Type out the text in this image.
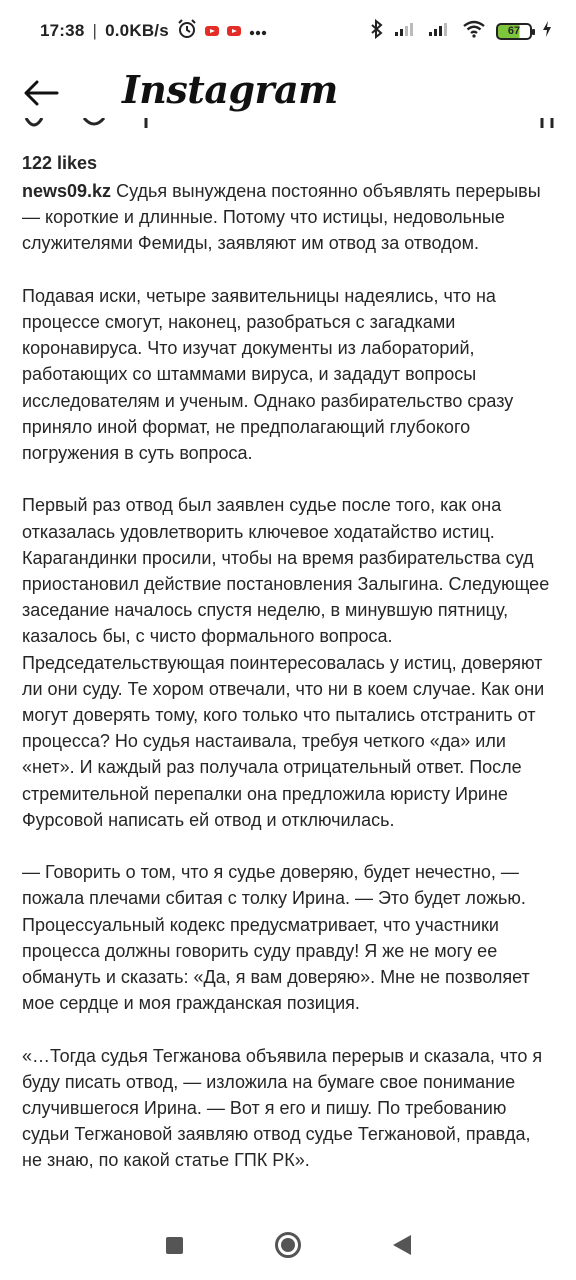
17:38 | 0.0KB/s	67
Instagram
122 likes

news09.kz Судья вынуждена постоянно объявлять перерывы — короткие и длинные. Потому что истицы, недовольные служителями Фемиды, заявляют им отвод за отводом.

Подавая иски, четыре заявительницы надеялись, что на процессе смогут, наконец, разобраться с загадками коронавируса. Что изучат документы из лабораторий, работающих со штаммами вируса, и зададут вопросы исследователям и ученым. Однако разбирательство сразу приняло иной формат, не предполагающий глубокого погружения в суть вопроса.

Первый раз отвод был заявлен судье после того, как она отказалась удовлетворить ключевое ходатайство истиц. Карагандинки просили, чтобы на время разбирательства суд приостановил действие постановления Залыгина. Следующее заседание началось спустя неделю, в минувшую пятницу, казалось бы, с чисто формального вопроса. Председательствующая поинтересовалась у истиц, доверяют ли они суду. Те хором отвечали, что ни в коем случае. Как они могут доверять тому, кого только что пытались отстранить от процесса? Но судья настаивала, требуя четкого «да» или «нет». И каждый раз получала отрицательный ответ. После стремительной перепалки она предложила юристу Ирине Фурсовой написать ей отвод и отключилась.

— Говорить о том, что я судье доверяю, будет нечестно, — пожала плечами сбитая с толку Ирина. — Это будет ложью. Процессуальный кодекс предусматривает, что участники процесса должны говорить суду правду! Я же не могу ее обмануть и сказать: «Да, я вам доверяю». Мне не позволяет мое сердце и моя гражданская позиция.

«…Тогда судья Тегжанова объявила перерыв и сказала, что я буду писать отвод, — изложила на бумаге свое понимание случившегося Ирина. — Вот я его и пишу. По требованию судьи Тегжановой заявляю отвод судье Тегжановой, правда, не знаю, по какой статье ГПК РК».
